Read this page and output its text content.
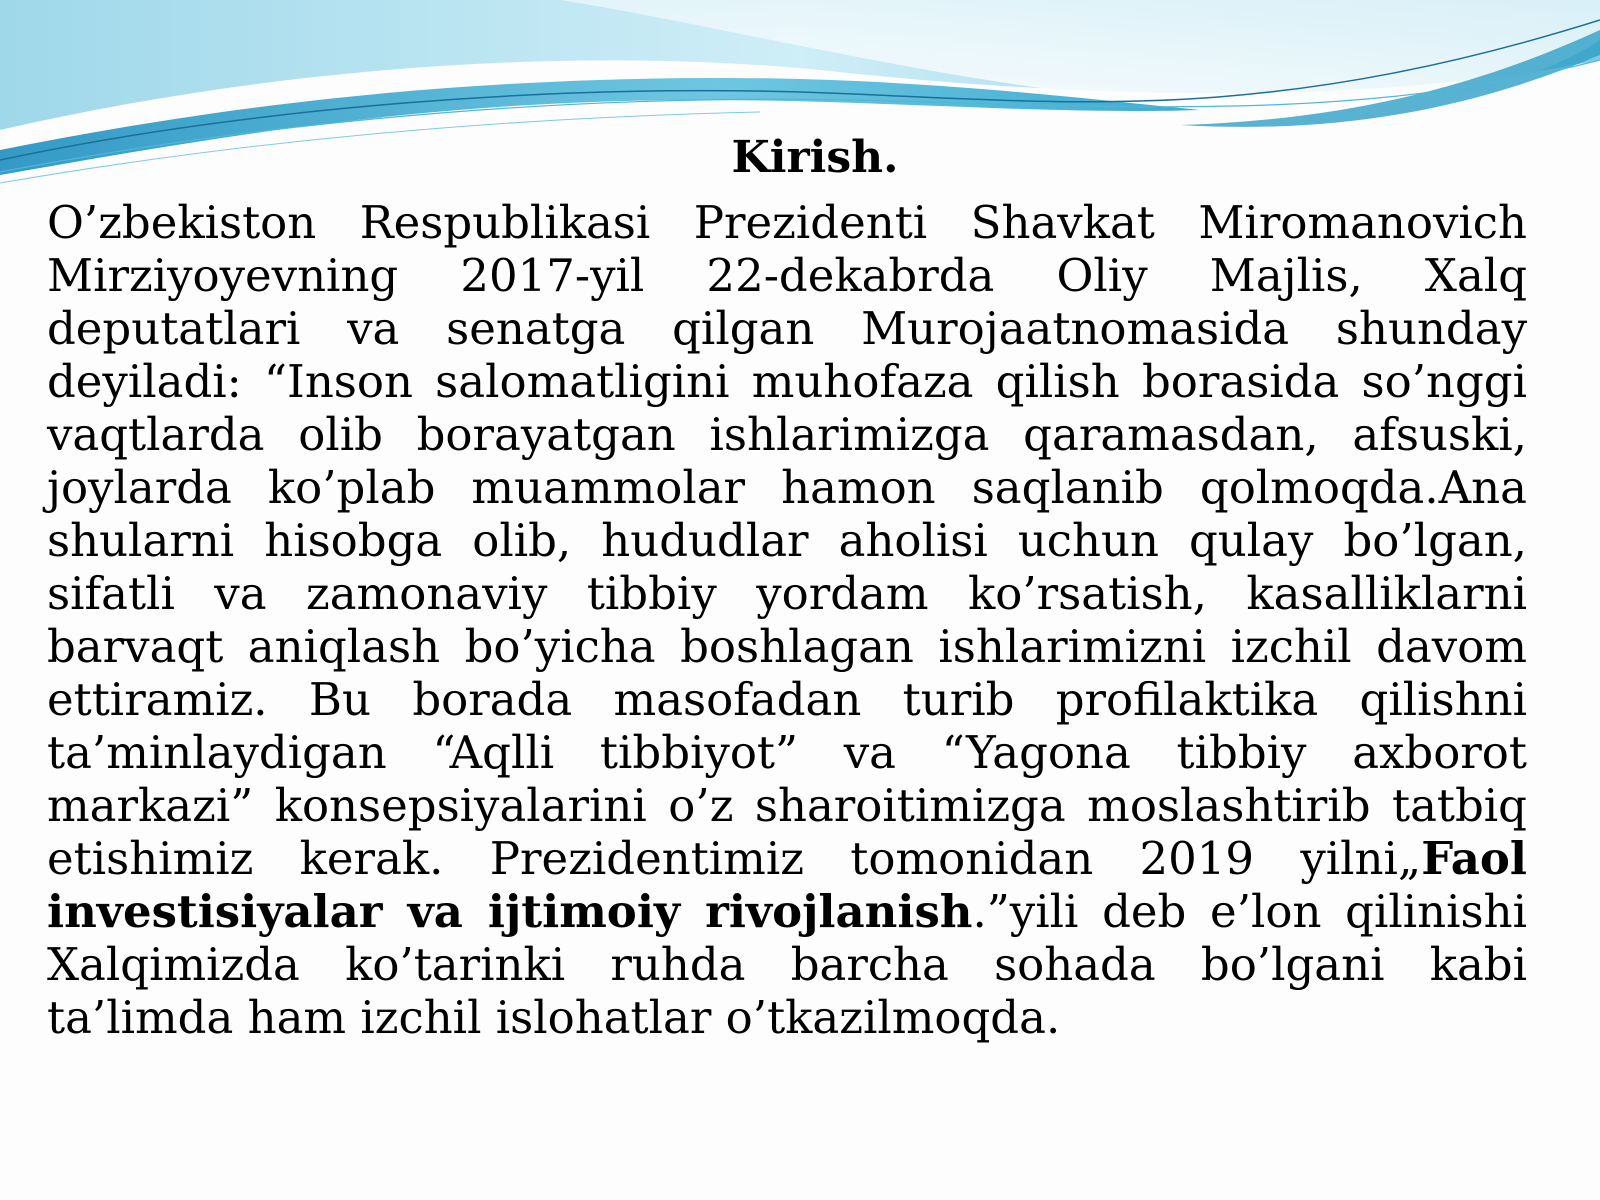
Kirish.

O’zbekiston Respublikasi Prezidenti Shavkat Miromanovich Mirziyoyevning 2017-yil 22-dekabrda Oliy Majlis, Xalq deputatlari va senatga qilgan Murojaatnomasida shunday deyiladi: “Inson salomatligini muhofaza qilish borasida so’nggi vaqtlarda olib borayatgan ishlarimizga qaramasdan, afsuski, joylarda ko’plab muammolar hamon saqlanib qolmoqda.Ana shularni hisobga olib, hududlar aholisi uchun qulay bo’lgan, sifatli va zamonaviy tibbiy yordam ko’rsatish, kasalliklarni barvaqt aniqlash bo’yicha boshlagan ishlarimizni izchil davom ettiramiz. Bu borada masofadan turib profilaktika qilishni ta’minlaydigan “Aqlli tibbiyot” va “Yagona tibbiy axborot markazi” konsepsiyalarini o’z sharoitimizga moslashtirib tatbiq etishimiz kerak. Prezidentimiz tomonidan 2019 yilni„Faol investisiyalar va ijtimoiy rivojlanish.”yili deb e’lon qilinishi Xalqimizda ko’tarinki ruhda barcha sohada bo’lgani kabi ta’limda ham izchil islohatlar o’tkazilmoqda.
